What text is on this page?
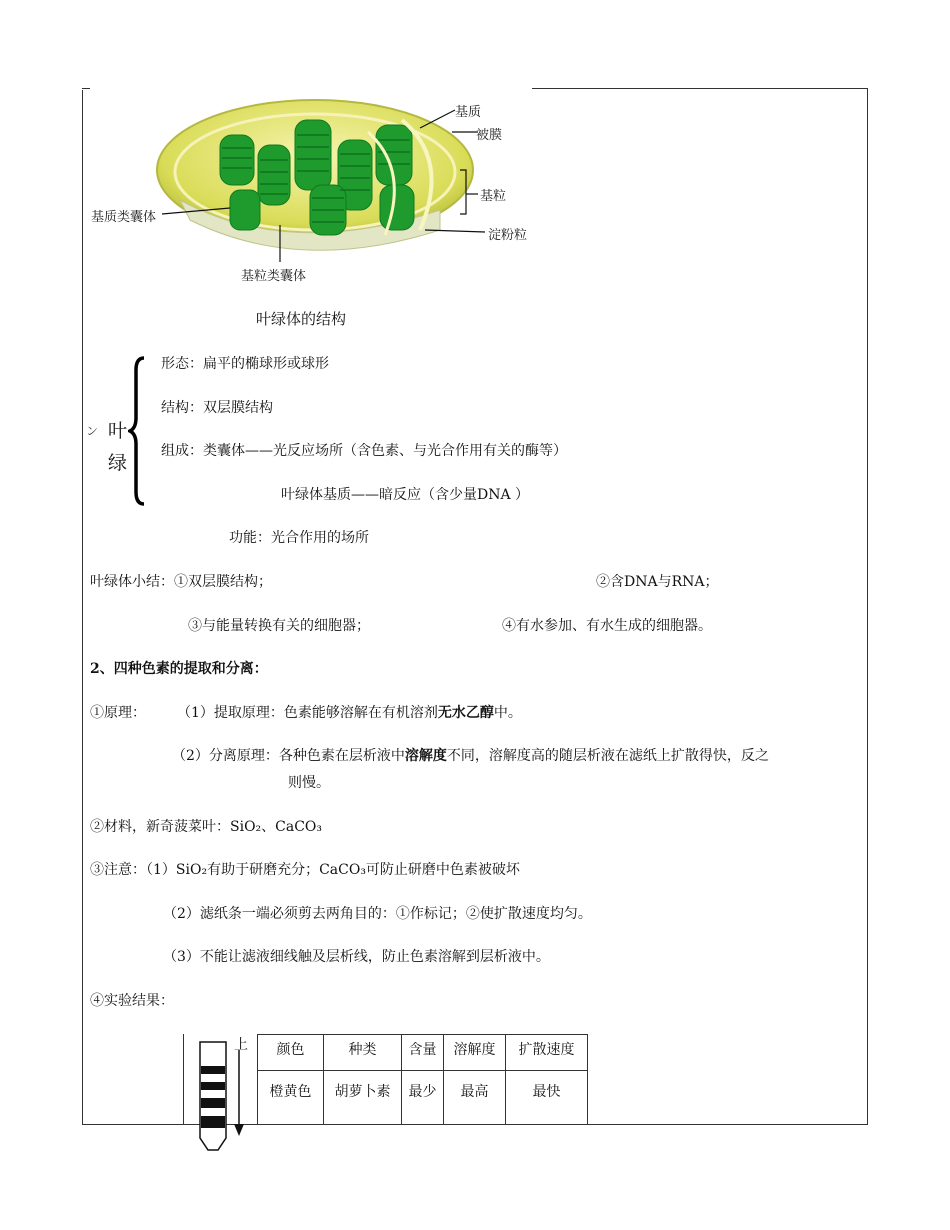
基质
被膜
基粒
基质类囊体
淀粉粒
基粒类囊体
叶绿体的结构
ン 叶
绿
形态：扁平的椭球形或球形
结构：双层膜结构
组成：类囊体——光反应场所（含色素、与光合作用有关的酶等）
叶绿体基质——暗反应（含少量DNA ）
功能：光合作用的场所
叶绿体小结：①双层膜结构；	②含DNA与RNA；
③与能量转换有关的细胞器；	④有水参加、有水生成的细胞器。
2、四种色素的提取和分离：
①原理： （1）提取原理：色素能够溶解在有机溶剂无水乙醇中。
（2）分离原理：各种色素在层析液中溶解度不同，溶解度高的随层析液在滤纸上扩散得快，反之
则慢。
②材料，新奇菠菜叶：SiO₂、CaCO₃
③注意：（1）SiO₂有助于研磨充分；CaCO₃可防止研磨中色素被破坏
（2）滤纸条一端必须剪去两角目的：①作标记；②使扩散速度均匀。
（3）不能让滤液细线触及层析线，防止色素溶解到层析液中。
④实验结果：
上 颜色	种类	含量	溶解度	扩散速度
橙黄色	胡萝卜素	最少	最高	最快
